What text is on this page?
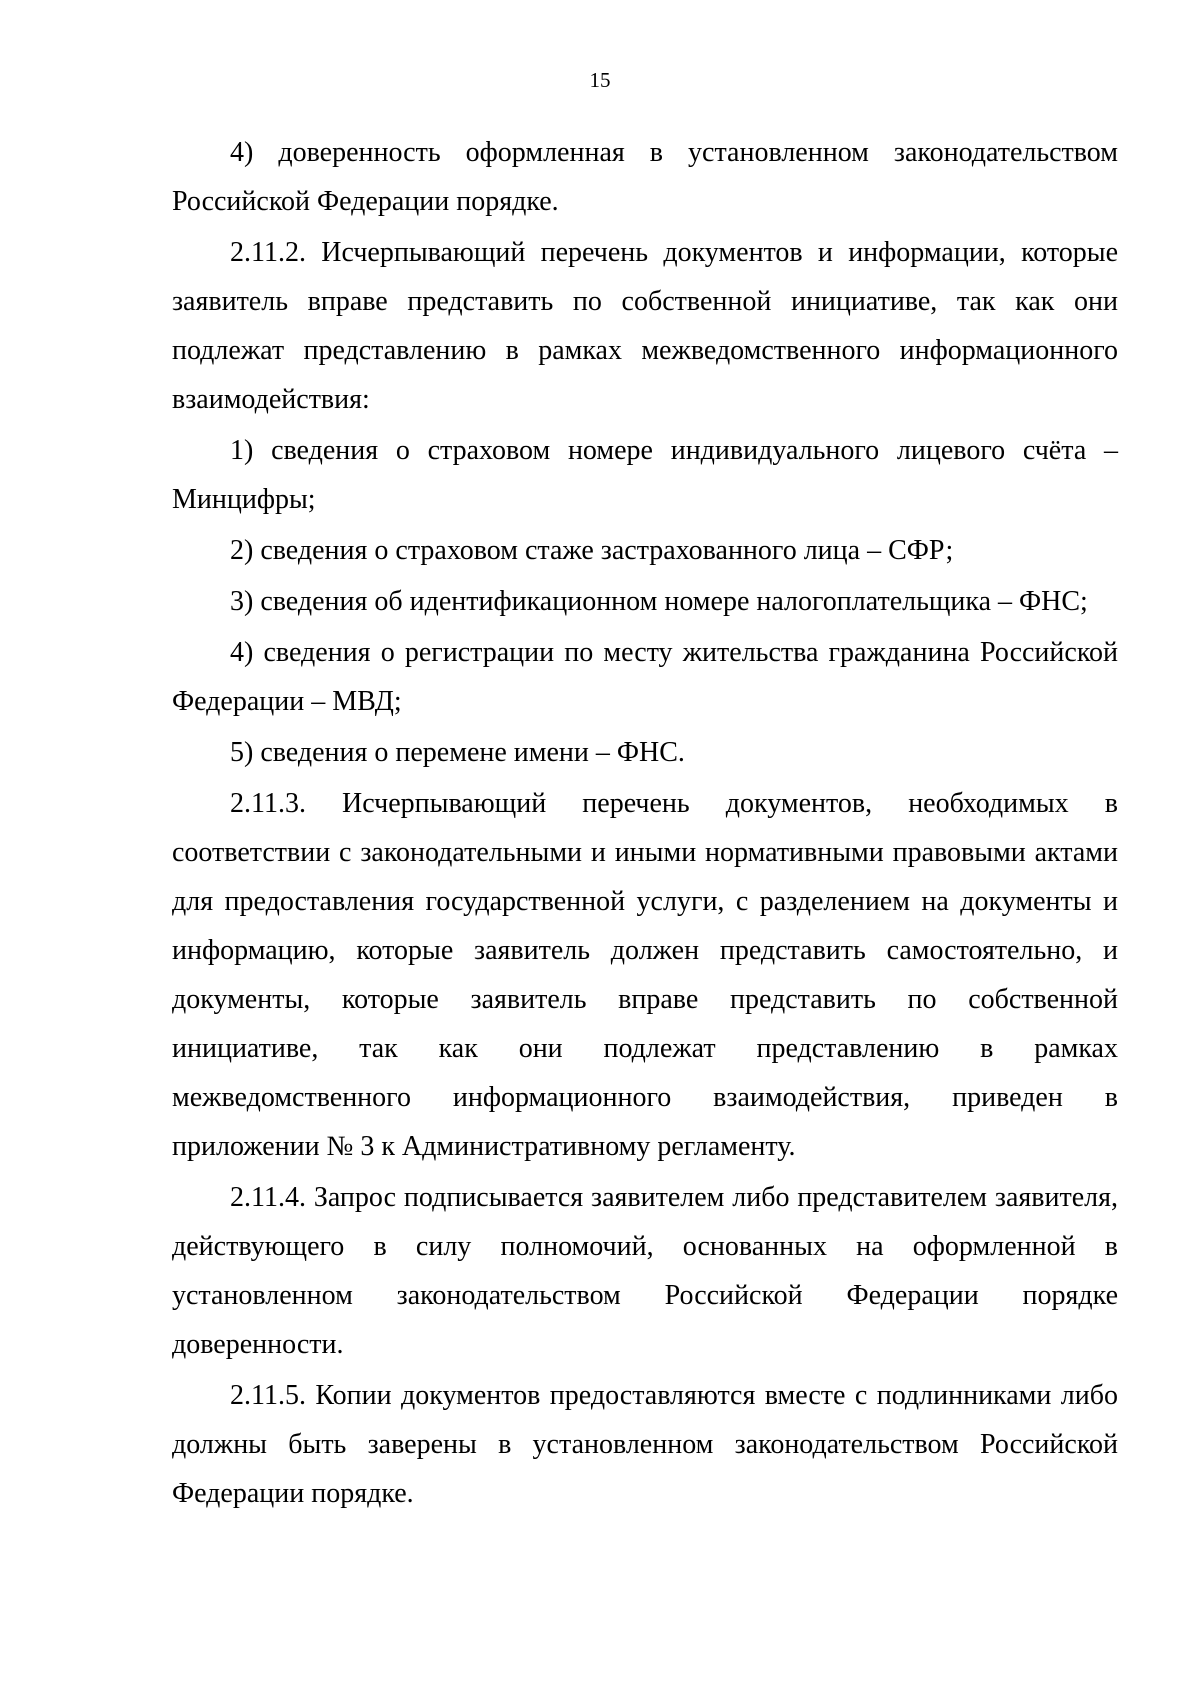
15

4) доверенность оформленная в установленном законодательством Российской Федерации порядке.

2.11.2. Исчерпывающий перечень документов и информации, которые заявитель вправе представить по собственной инициативе, так как они подлежат представлению в рамках межведомственного информационного взаимодействия:

1) сведения о страховом номере индивидуального лицевого счёта – Минцифры;

2) сведения о страховом стаже застрахованного лица – СФР;

3) сведения об идентификационном номере налогоплательщика – ФНС;

4) сведения о регистрации по месту жительства гражданина Российской Федерации – МВД;

5) сведения о перемене имени – ФНС.

2.11.3. Исчерпывающий перечень документов, необходимых в соответствии с законодательными и иными нормативными правовыми актами для предоставления государственной услуги, с разделением на документы и информацию, которые заявитель должен представить самостоятельно, и документы, которые заявитель вправе представить по собственной инициативе, так как они подлежат представлению в рамках межведомственного информационного взаимодействия, приведен в приложении № 3 к Административному регламенту.

2.11.4. Запрос подписывается заявителем либо представителем заявителя, действующего в силу полномочий, основанных на оформленной в установленном законодательством Российской Федерации порядке доверенности.

2.11.5. Копии документов предоставляются вместе с подлинниками либо должны быть заверены в установленном законодательством Российской Федерации порядке.
